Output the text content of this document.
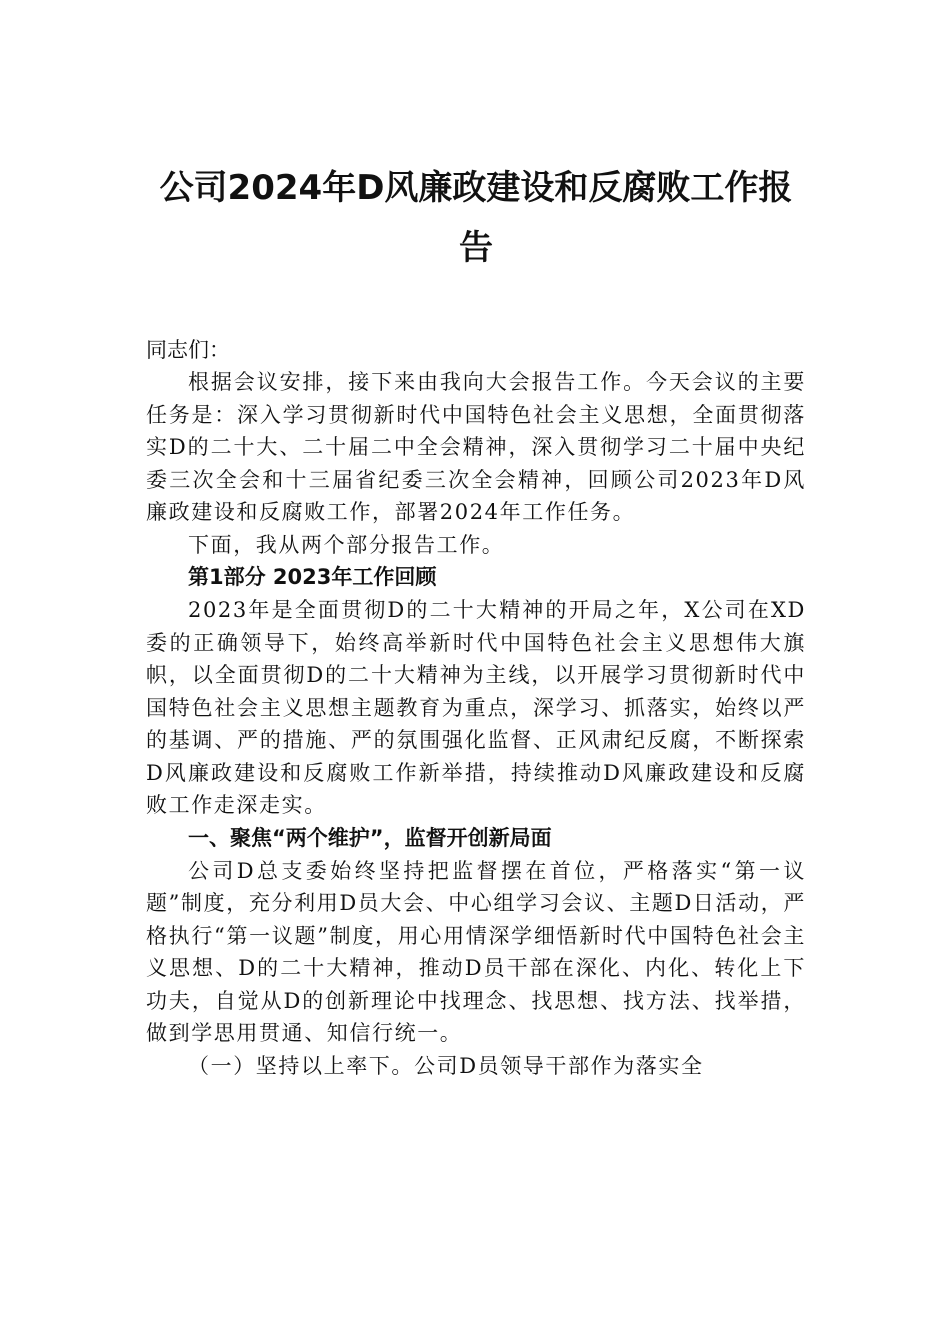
公司2024年D风廉政建设和反腐败工作报告

同志们：

根据会议安排，接下来由我向大会报告工作。今天会议的主要任务是：深入学习贯彻新时代中国特色社会主义思想，全面贯彻落实D的二十大、二十届二中全会精神，深入贯彻学习二十届中央纪委三次全会和十三届省纪委三次全会精神，回顾公司2023年D风廉政建设和反腐败工作，部署2024年工作任务。

下面，我从两个部分报告工作。

第1部分 2023年工作回顾

2023年是全面贯彻D的二十大精神的开局之年，X公司在XD委的正确领导下，始终高举新时代中国特色社会主义思想伟大旗帜，以全面贯彻D的二十大精神为主线，以开展学习贯彻新时代中国特色社会主义思想主题教育为重点，深学习、抓落实，始终以严的基调、严的措施、严的氛围强化监督、正风肃纪反腐，不断探索D风廉政建设和反腐败工作新举措，持续推动D风廉政建设和反腐败工作走深走实。

一、聚焦“两个维护”，监督开创新局面

公司D总支委始终坚持把监督摆在首位，严格落实“第一议题”制度，充分利用D员大会、中心组学习会议、主题D日活动，严格执行“第一议题”制度，用心用情深学细悟新时代中国特色社会主义思想、D的二十大精神，推动D员干部在深化、内化、转化上下功夫，自觉从D的创新理论中找理念、找思想、找方法、找举措，做到学思用贯通、知信行统一。

（一）坚持以上率下。公司D员领导干部作为落实全
